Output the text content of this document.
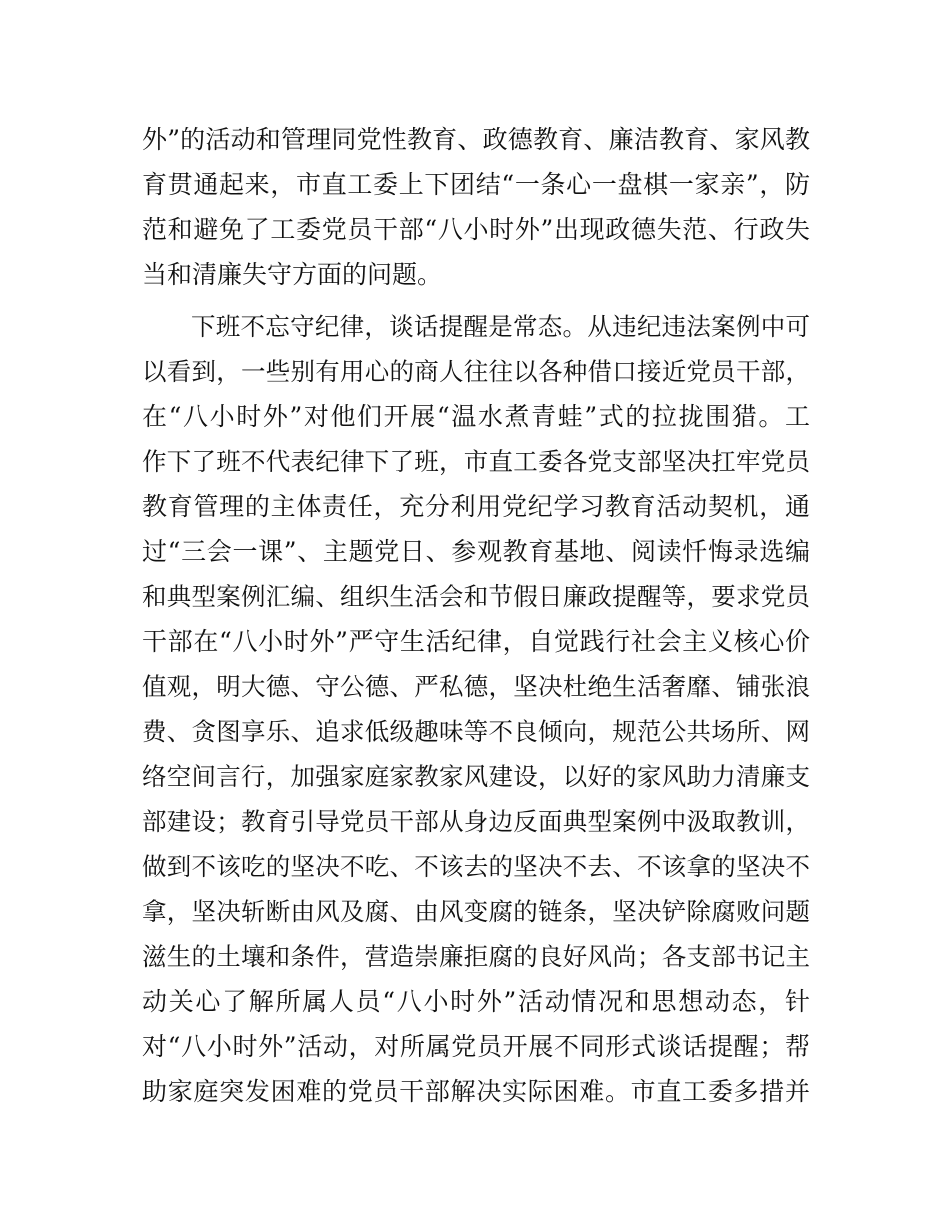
外”的活动和管理同党性教育、政德教育、廉洁教育、家风教
育贯通起来，市直工委上下团结“一条心一盘棋一家亲”，防
范和避免了工委党员干部“八小时外”出现政德失范、行政失
当和清廉失守方面的问题。
下班不忘守纪律，谈话提醒是常态。从违纪违法案例中可
以看到，一些别有用心的商人往往以各种借口接近党员干部，
在“八小时外”对他们开展“温水煮青蛙”式的拉拢围猎。工
作下了班不代表纪律下了班，市直工委各党支部坚决扛牢党员
教育管理的主体责任，充分利用党纪学习教育活动契机，通
过“三会一课”、主题党日、参观教育基地、阅读忏悔录选编
和典型案例汇编、组织生活会和节假日廉政提醒等，要求党员
干部在“八小时外”严守生活纪律，自觉践行社会主义核心价
值观，明大德、守公德、严私德，坚决杜绝生活奢靡、铺张浪
费、贪图享乐、追求低级趣味等不良倾向，规范公共场所、网
络空间言行，加强家庭家教家风建设，以好的家风助力清廉支
部建设；教育引导党员干部从身边反面典型案例中汲取教训，
做到不该吃的坚决不吃、不该去的坚决不去、不该拿的坚决不
拿，坚决斩断由风及腐、由风变腐的链条，坚决铲除腐败问题
滋生的土壤和条件，营造崇廉拒腐的良好风尚；各支部书记主
动关心了解所属人员“八小时外”活动情况和思想动态，针
对“八小时外”活动，对所属党员开展不同形式谈话提醒；帮
助家庭突发困难的党员干部解决实际困难。市直工委多措并
